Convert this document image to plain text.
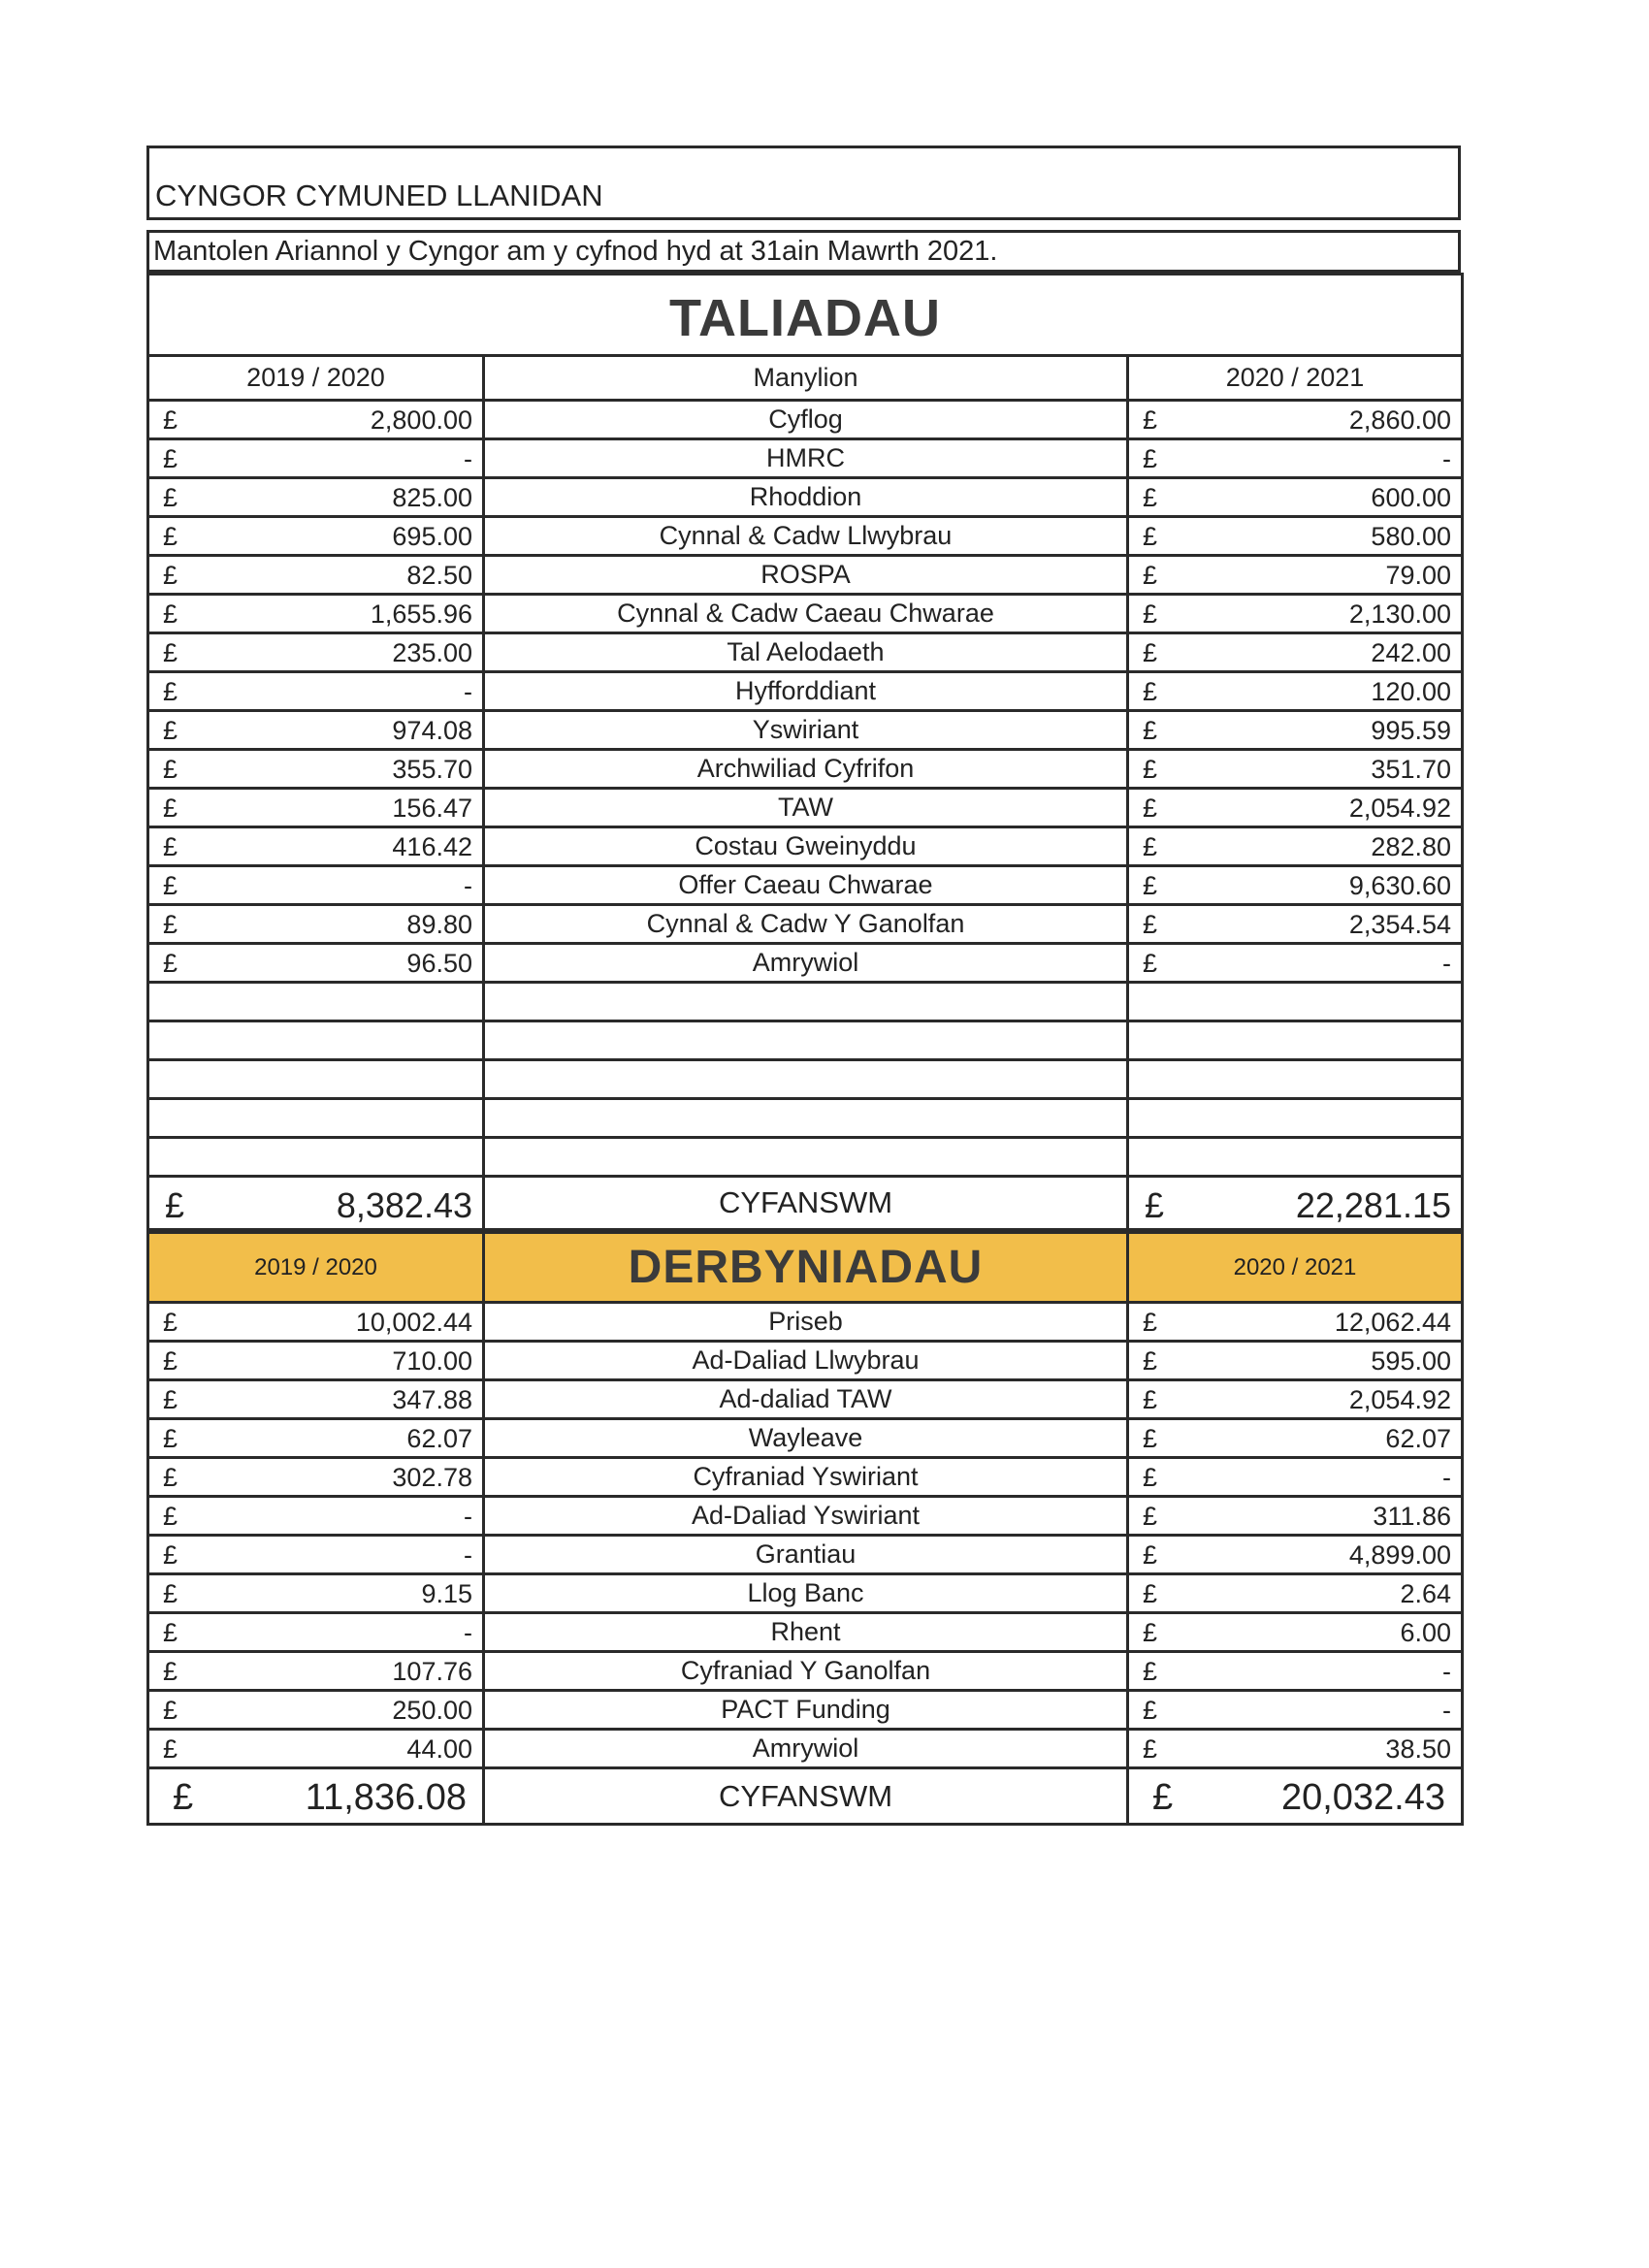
CYNGOR CYMUNED LLANIDAN
Mantolen Ariannol y Cyngor am y cyfnod hyd at 31ain Mawrth 2021.
TALIADAU		
2019 / 2020	Manylion	2020 / 2021

£ 2,800.00	Cyflog	£ 2,860.00

£ -	HMRC	£ -

£ 825.00	Rhoddion	£ 600.00

£ 695.00	Cynnal & Cadw Llwybrau	£ 580.00

£ 82.50	ROSPA	£ 79.00

£ 1,655.96	Cynnal & Cadw Caeau Chwarae	£ 2,130.00

£ 235.00	Tal Aelodaeth	£ 242.00

£ -	Hyfforddiant	£ 120.00

£ 974.08	Yswiriant	£ 995.59

£ 355.70	Archwiliad Cyfrifon	£ 351.70

£ 156.47	TAW	£ 2,054.92

£ 416.42	Costau Gweinyddu	£ 282.80

£ -	Offer Caeau Chwarae	£ 9,630.60

£ 89.80	Cynnal & Cadw Y Ganolfan	£ 2,354.54

£ 96.50	Amrywiol	£ -

£ 8,382.43	CYFANSWM	£ 22,281.15
2019 / 2020	DERBYNIADAU	2020 / 2021

£ 10,002.44	Priseb	£ 12,062.44

£ 710.00	Ad-Daliad Llwybrau	£ 595.00

£ 347.88	Ad-daliad TAW	£ 2,054.92

£ 62.07	Wayleave	£ 62.07

£ 302.78	Cyfraniad Yswiriant	£ -

£ -	Ad-Daliad Yswiriant	£ 311.86

£ -	Grantiau	£ 4,899.00

£ 9.15	Llog Banc	£ 2.64

£ -	Rhent	£ 6.00

£ 107.76	Cyfraniad Y Ganolfan	£ -

£ 250.00	PACT Funding	£ -

£ 44.00	Amrywiol	£ 38.50

£ 11,836.08	CYFANSWM	£ 20,032.43
